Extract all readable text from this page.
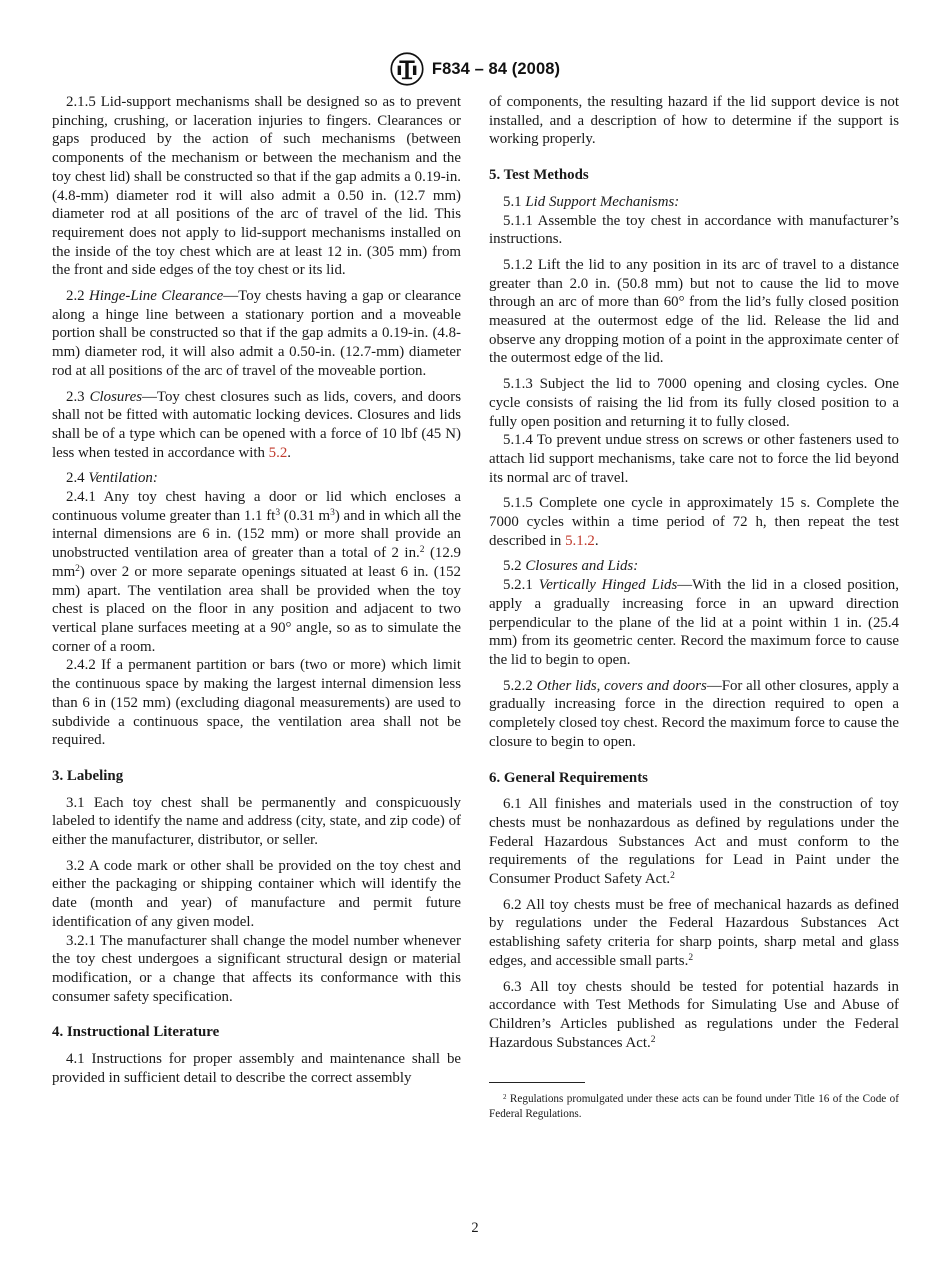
F834 – 84 (2008)

2.1.5 Lid-support mechanisms shall be designed so as to prevent pinching, crushing, or laceration injuries to fingers. Clearances or gaps produced by the action of such mechanisms (between components of the mechanism or between the mechanism and the toy chest lid) shall be constructed so that if the gap admits a 0.19-in. (4.8-mm) diameter rod it will also admit a 0.50 in. (12.7 mm) diameter rod at all positions of the arc of travel of the lid. This requirement does not apply to lid-support mechanisms installed on the inside of the toy chest which are at least 12 in. (305 mm) from the front and side edges of the toy chest or its lid.

2.2 Hinge-Line Clearance—Toy chests having a gap or clearance along a hinge line between a stationary portion and a moveable portion shall be constructed so that if the gap admits a 0.19-in. (4.8-mm) diameter rod, it will also admit a 0.50-in. (12.7-mm) diameter rod at all positions of the arc of travel of the moveable portion.

2.3 Closures—Toy chest closures such as lids, covers, and doors shall not be fitted with automatic locking devices. Closures and lids shall be of a type which can be opened with a force of 10 lbf (45 N) less when tested in accordance with 5.2.

2.4 Ventilation:

2.4.1 Any toy chest having a door or lid which encloses a continuous volume greater than 1.1 $ft^3$ (0.31 $m^3$) and in which all the internal dimensions are 6 in. (152 mm) or more shall provide an unobstructed ventilation area of greater than a total of 2 in.$^2$ (12.9 $mm^2$) over 2 or more separate openings situated at least 6 in. (152 mm) apart. The ventilation area shall be provided when the toy chest is placed on the floor in any position and adjacent to two vertical plane surfaces meeting at a 90° angle, so as to simulate the corner of a room.

2.4.2 If a permanent partition or bars (two or more) which limit the continuous space by making the largest internal dimension less than 6 in (152 mm) (excluding diagonal measurements) are used to subdivide a continuous space, the ventilation area shall not be required.

3. Labeling

3.1 Each toy chest shall be permanently and conspicuously labeled to identify the name and address (city, state, and zip code) of either the manufacturer, distributor, or seller.

3.2 A code mark or other shall be provided on the toy chest and either the packaging or shipping container which will identify the date (month and year) of manufacture and permit future identification of any given model.

3.2.1 The manufacturer shall change the model number whenever the toy chest undergoes a significant structural design or material modification, or a change that affects its conformance with this consumer safety specification.

4. Instructional Literature

4.1 Instructions for proper assembly and maintenance shall be provided in sufficient detail to describe the correct assembly

of components, the resulting hazard if the lid support device is not installed, and a description of how to determine if the support is working properly.

5. Test Methods

5.1 Lid Support Mechanisms:

5.1.1 Assemble the toy chest in accordance with manufacturer’s instructions.

5.1.2 Lift the lid to any position in its arc of travel to a distance greater than 2.0 in. (50.8 mm) but not to cause the lid to move through an arc of more than 60° from the lid’s fully closed position measured at the outermost edge of the lid. Release the lid and observe any dropping motion of a point in the approximate center of the outermost edge of the lid.

5.1.3 Subject the lid to 7000 opening and closing cycles. One cycle consists of raising the lid from its fully closed position to a fully open position and returning it to fully closed.

5.1.4 To prevent undue stress on screws or other fasteners used to attach lid support mechanisms, take care not to force the lid beyond its normal arc of travel.

5.1.5 Complete one cycle in approximately 15 s. Complete the 7000 cycles within a time period of 72 h, then repeat the test described in 5.1.2.

5.2 Closures and Lids:

5.2.1 Vertically Hinged Lids—With the lid in a closed position, apply a gradually increasing force in an upward direction perpendicular to the plane of the lid at a point within 1 in. (25.4 mm) from its geometric center. Record the maximum force to cause the lid to begin to open.

5.2.2 Other lids, covers and doors—For all other closures, apply a gradually increasing force in the direction required to open a completely closed toy chest. Record the maximum force to cause the closure to begin to open.

6. General Requirements

6.1 All finishes and materials used in the construction of toy chests must be nonhazardous as defined by regulations under the Federal Hazardous Substances Act and must conform to the requirements of the regulations for Lead in Paint under the Consumer Product Safety Act.$^2$

6.2 All toy chests must be free of mechanical hazards as defined by regulations under the Federal Hazardous Substances Act establishing safety criteria for sharp points, sharp metal and glass edges, and accessible small parts.$^2$

6.3 All toy chests should be tested for potential hazards in accordance with Test Methods for Simulating Use and Abuse of Children’s Articles published as regulations under the Federal Hazardous Substances Act.$^2$

$^2$ Regulations promulgated under these acts can be found under Title 16 of the Code of Federal Regulations.

2
